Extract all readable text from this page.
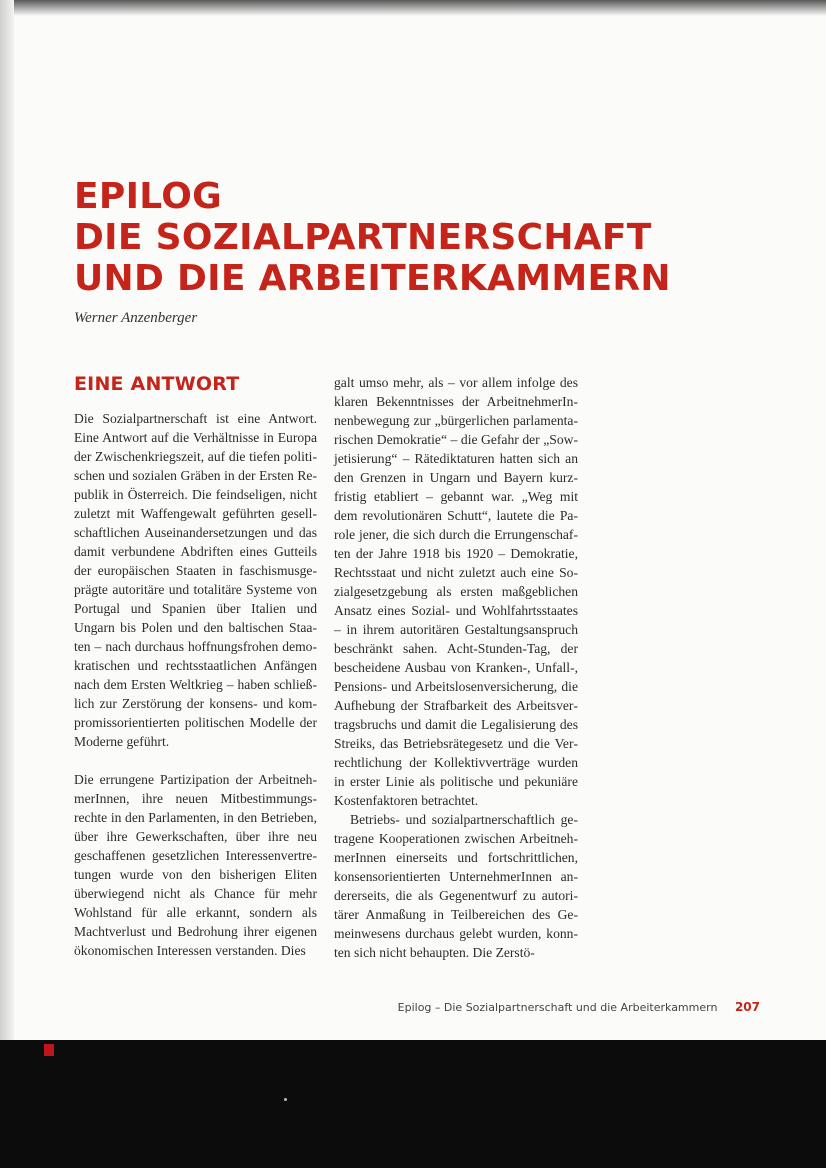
EPILOG
DIE SOZIALPARTNERSCHAFT
UND DIE ARBEITERKAMMERN
Werner Anzenberger
EINE ANTWORT

Die Sozialpartnerschaft ist eine Antwort. Eine Antwort auf die Verhältnisse in Europa der Zwischenkriegszeit, auf die tiefen politischen und sozialen Gräben in der Ersten Republik in Österreich. Die feindseligen, nicht zuletzt mit Waffengewalt geführten gesellschaftlichen Auseinandersetzungen und das damit verbundene Abdriften eines Gutteils der europäischen Staaten in faschismusgeprägte autoritäre und totalitäre Systeme von Portugal und Spanien über Italien und Ungarn bis Polen und den baltischen Staaten – nach durchaus hoffnungsfrohen demokratischen und rechtsstaatlichen Anfängen nach dem Ersten Weltkrieg – haben schließlich zur Zerstörung der konsens- und kompromissorientierten politischen Modelle der Moderne geführt.

Die errungene Partizipation der ArbeitnehmerInnen, ihre neuen Mitbestimmungsrechte in den Parlamenten, in den Betrieben, über ihre Gewerkschaften, über ihre neu geschaffenen gesetzlichen Interessenvertretungen wurde von den bisherigen Eliten überwiegend nicht als Chance für mehr Wohlstand für alle erkannt, sondern als Machtverlust und Bedrohung ihrer eigenen ökonomischen Interessen verstanden. Dies

galt umso mehr, als – vor allem infolge des klaren Bekenntnisses der ArbeitnehmerInnenbewegung zur „bürgerlichen parlamentarischen Demokratie“ – die Gefahr der „Sowjetisierung“ – Rätediktaturen hatten sich an den Grenzen in Ungarn und Bayern kurzfristig etabliert – gebannt war. „Weg mit dem revolutionären Schutt“, lautete die Parole jener, die sich durch die Errungenschaften der Jahre 1918 bis 1920 – Demokratie, Rechtsstaat und nicht zuletzt auch eine Sozialgesetzgebung als ersten maßgeblichen Ansatz eines Sozial- und Wohlfahrtsstaates – in ihrem autoritären Gestaltungsanspruch beschränkt sahen. Acht-Stunden-Tag, der bescheidene Ausbau von Kranken-, Unfall-, Pensions- und Arbeitslosenversicherung, die Aufhebung der Strafbarkeit des Arbeitsvertragsbruchs und damit die Legalisierung des Streiks, das Betriebsrätegesetz und die Verrechtlichung der Kollektivverträge wurden in erster Linie als politische und pekuniäre Kostenfaktoren betrachtet.

Betriebs- und sozialpartnerschaftlich getragene Kooperationen zwischen ArbeitnehmerInnen einerseits und fortschrittlichen, konsensorientierten UnternehmerInnen andererseits, die als Gegenentwurf zu autoritärer Anmaßung in Teilbereichen des Gemeinwesens durchaus gelebt wurden, konnten sich nicht behaupten. Die Zerstö-

Epilog – Die Sozialpartnerschaft und die Arbeiterkammern 207
